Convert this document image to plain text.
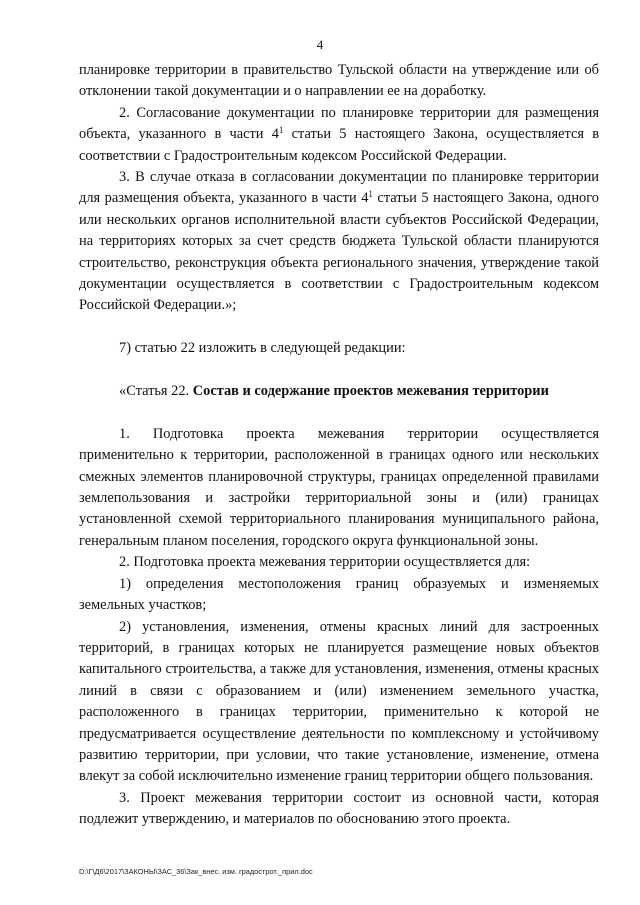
4

планировке территории в правительство Тульской области на утверждение или об отклонении такой документации и о направлении ее на доработку.

2. Согласование документации по планировке территории для размещения объекта, указанного в части $4^1$ статьи 5 настоящего Закона, осуществляется в соответствии с Градостроительным кодексом Российской Федерации.

3. В случае отказа в согласовании документации по планировке территории для размещения объекта, указанного в части $4^1$ статьи 5 настоящего Закона, одного или нескольких органов исполнительной власти субъектов Российской Федерации, на территориях которых за счет средств бюджета Тульской области планируются строительство, реконструкция объекта регионального значения, утверждение такой документации осуществляется в соответствии с Градостроительным кодексом Российской Федерации.»;

7) статью 22 изложить в следующей редакции:

«Статья 22. Состав и содержание проектов межевания территории

1. Подготовка проекта межевания территории осуществляется применительно к территории, расположенной в границах одного или нескольких смежных элементов планировочной структуры, границах определенной правилами землепользования и застройки территориальной зоны и (или) границах установленной схемой территориального планирования муниципального района, генеральным планом поселения, городского округа функциональной зоны.

2. Подготовка проекта межевания территории осуществляется для:

1) определения местоположения границ образуемых и изменяемых земельных участков;

2) установления, изменения, отмены красных линий для застроенных территорий, в границах которых не планируется размещение новых объектов капитального строительства, а также для установления, изменения, отмены красных линий в связи с образованием и (или) изменением земельного участка, расположенного в границах территории, применительно к которой не предусматривается осуществление деятельности по комплексному и устойчивому развитию территории, при условии, что такие установление, изменение, отмена влекут за собой исключительно изменение границ территории общего пользования.

3. Проект межевания территории состоит из основной части, которая подлежит утверждению, и материалов по обоснованию этого проекта.

D:\Г\Д6\2017\ЗАКОНЫ\ЗАС_36\Зак_внес. изм. градострот._прил.doc
